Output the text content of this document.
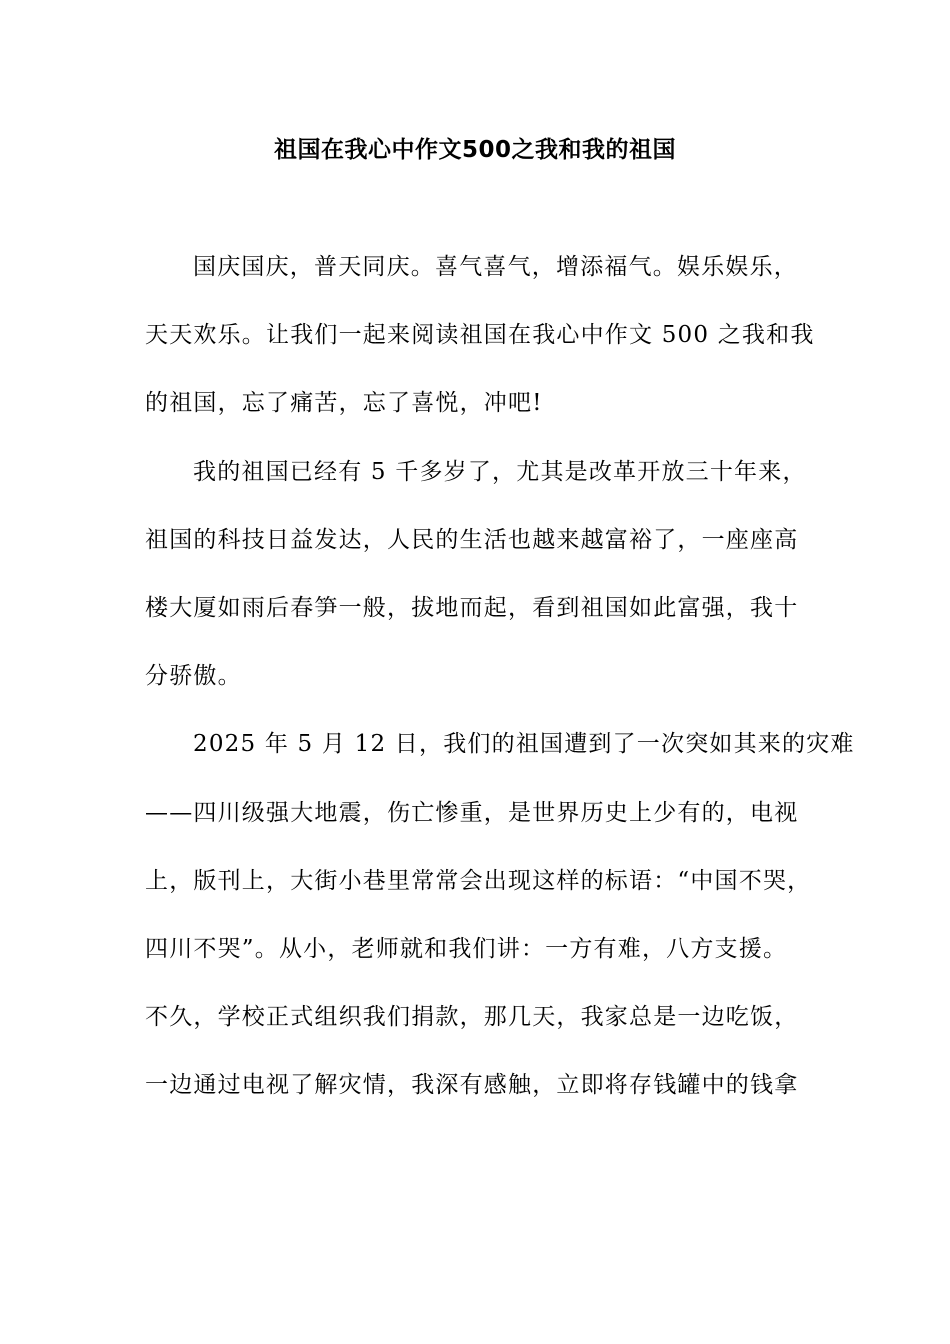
祖国在我心中作文500之我和我的祖国
国庆国庆，普天同庆。喜气喜气，增添福气。娱乐娱乐，
天天欢乐。让我们一起来阅读祖国在我心中作文 500 之我和我
的祖国，忘了痛苦，忘了喜悦，冲吧!
我的祖国已经有 5 千多岁了，尤其是改革开放三十年来，
祖国的科技日益发达，人民的生活也越来越富裕了，一座座高
楼大厦如雨后春笋一般，拔地而起，看到祖国如此富强，我十
分骄傲。
2025 年 5 月 12 日，我们的祖国遭到了一次突如其来的灾难
——四川级强大地震，伤亡惨重，是世界历史上少有的，电视
上，版刊上，大街小巷里常常会出现这样的标语：“中国不哭，
四川不哭”。从小，老师就和我们讲：一方有难，八方支援。
不久，学校正式组织我们捐款，那几天，我家总是一边吃饭，
一边通过电视了解灾情，我深有感触，立即将存钱罐中的钱拿
